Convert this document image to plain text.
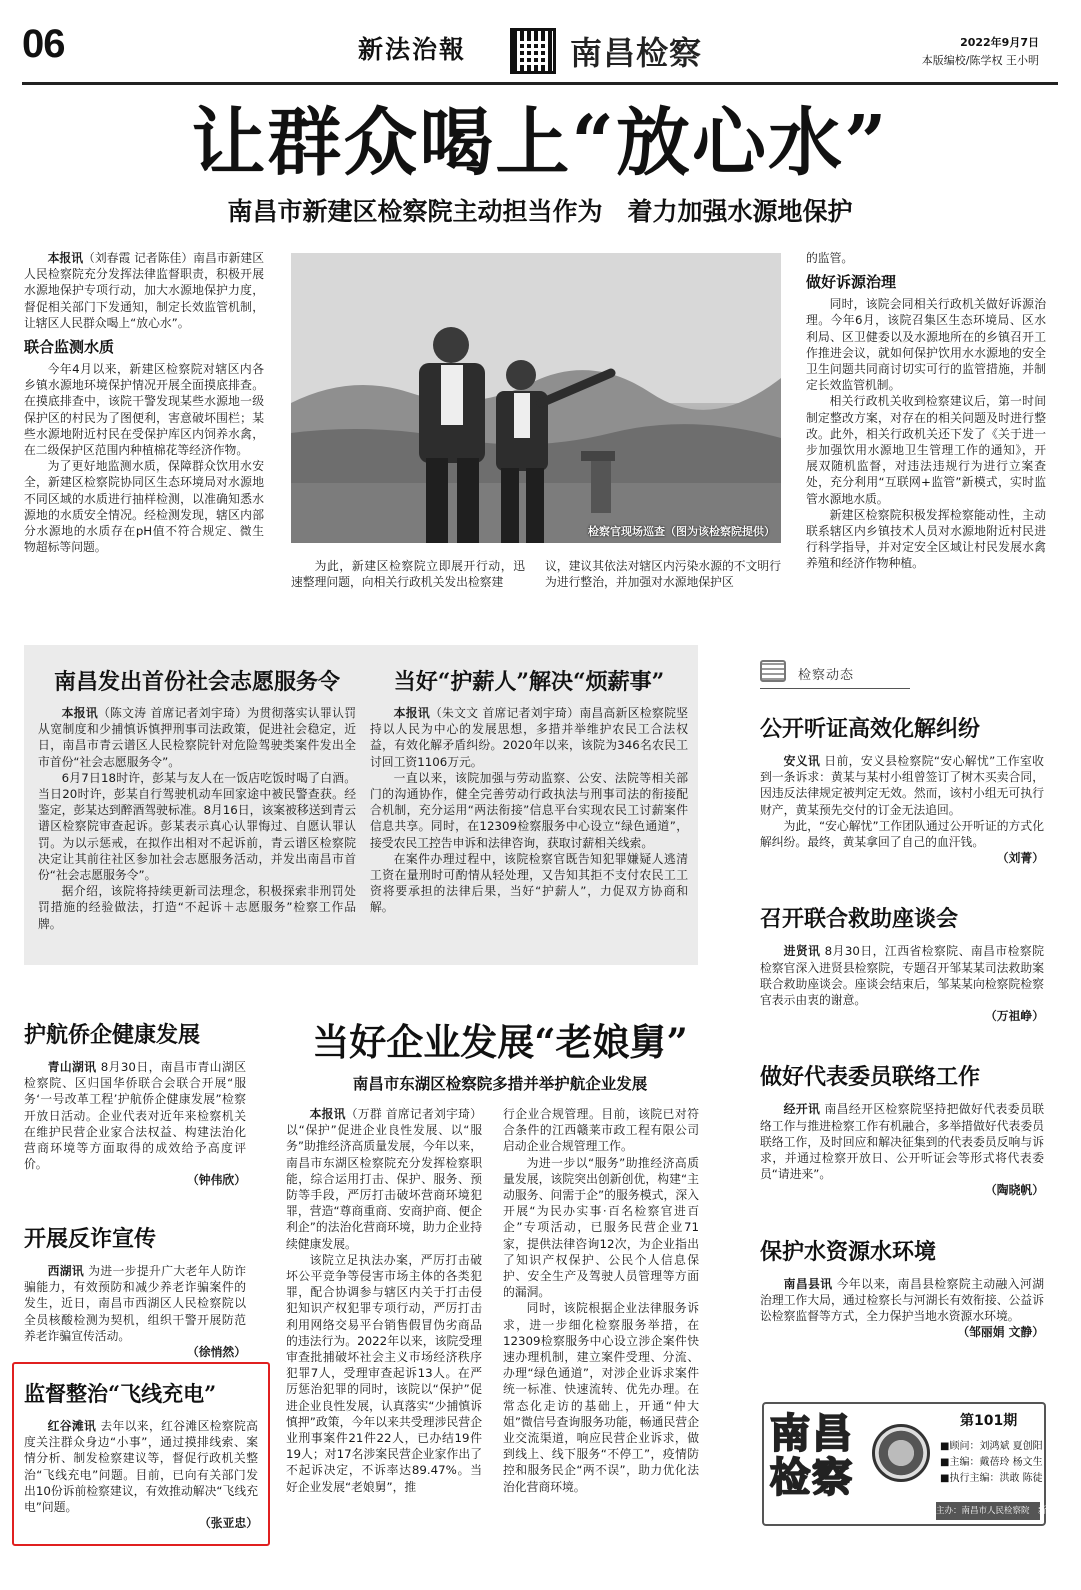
06	新法治報	南昌检察	2022年9月7日
本版编校/陈学权 王小明
让群众喝上“放心水”
南昌市新建区检察院主动担当作为　着力加强水源地保护

本报讯（刘春霞 记者陈佳）南昌市新建区人民检察院充分发挥法律监督职责，积极开展水源地保护专项行动，加大水源地保护力度，督促相关部门下发通知，制定长效监管机制，让辖区人民群众喝上“放心水”。

联合监测水质

今年4月以来，新建区检察院对辖区内各乡镇水源地环境保护情况开展全面摸底排查。在摸底排查中，该院干警发现某些水源地一级保护区的村民为了图便利，害意破坏围栏；某些水源地附近村民在受保护库区内饲养水禽，在二级保护区范围内种植棉花等经济作物。

为了更好地监测水质，保障群众饮用水安全，新建区检察院协同区生态环境局对水源地不同区域的水质进行抽样检测，以准确知悉水源地的水质安全情况。经检测发现，辖区内部分水源地的水质存在pH值不符合规定、微生物超标等问题。

检察官现场巡查（图为该检察院提供）

为此，新建区检察院立即展开行动，迅速整理问题，向相关行政机关发出检察建

议，建议其依法对辖区内污染水源的不文明行为进行整治，并加强对水源地保护区

的监管。

做好诉源治理

同时，该院会同相关行政机关做好诉源治理。今年6月，该院召集区生态环境局、区水利局、区卫健委以及水源地所在的乡镇召开工作推进会议，就如何保护饮用水水源地的安全卫生问题共同商讨切实可行的监管措施，并制定长效监管机制。

相关行政机关收到检察建议后，第一时间制定整改方案，对存在的相关问题及时进行整改。此外，相关行政机关还下发了《关于进一步加强饮用水源地卫生管理工作的通知》，开展双随机监督，对违法违规行为进行立案查处，充分利用“互联网+监管”新模式，实时监管水源地水质。

新建区检察院积极发挥检察能动性，主动联系辖区内乡镇技术人员对水源地附近村民进行科学指导，并对定安全区域让村民发展水禽养殖和经济作物种植。

南昌发出首份社会志愿服务令

本报讯（陈文涛 首席记者刘宇琦）为贯彻落实认罪认罚从宽制度和少捕慎诉慎押刑事司法政策，促进社会稳定，近日，南昌市青云谱区人民检察院针对危险驾驶类案件发出全市首份“社会志愿服务令”。

6月7日18时许，彭某与友人在一饭店吃饭时喝了白酒。当日20时许，彭某自行驾驶机动车回家途中被民警查获。经鉴定，彭某达到醉酒驾驶标准。8月16日，该案被移送到青云谱区检察院审查起诉。彭某表示真心认罪悔过、自愿认罪认罚。为以示惩戒，在拟作出相对不起诉前，青云谱区检察院决定让其前往社区参加社会志愿服务活动，并发出南昌市首份“社会志愿服务令”。

据介绍，该院将持续更新司法理念，积极探索非刑罚处罚措施的经验做法，打造“不起诉＋志愿服务”检察工作品牌。

当好“护薪人”解决“烦薪事”

本报讯（朱文文 首席记者刘宇琦）南昌高新区检察院坚持以人民为中心的发展思想，多措并举维护农民工合法权益，有效化解矛盾纠纷。2020年以来，该院为346名农民工讨回工资1106万元。

一直以来，该院加强与劳动监察、公安、法院等相关部门的沟通协作，健全完善劳动行政执法与刑事司法的衔接配合机制，充分运用“两法衔接”信息平台实现农民工讨薪案件信息共享。同时，在12309检察服务中心设立“绿色通道”，接受农民工控告申诉和法律咨询，获取讨薪相关线索。

在案件办理过程中，该院检察官既告知犯罪嫌疑人逃清工资在量刑时可酌情从轻处理，又告知其拒不支付农民工工资将要承担的法律后果，当好“护薪人”，力促双方协商和解。

检察动态
公开听证高效化解纠纷

安义讯 日前，安义县检察院“安心解忧”工作室收到一条诉求：黄某与某村小组曾签订了树木买卖合同，因违反法律规定被判定无效。然而，该村小组无可执行财产，黄某预先交付的订金无法追回。

为此，“安心解忧”工作团队通过公开听证的方式化解纠纷。最终，黄某拿回了自己的血汗钱。

（刘菁）
召开联合救助座谈会

进贤讯 8月30日，江西省检察院、南昌市检察院检察官深入进贤县检察院，专题召开邹某某司法救助案联合救助座谈会。座谈会结束后，邹某某向检察院检察官表示由衷的谢意。

（万祖峥）
做好代表委员联络工作

经开讯 南昌经开区检察院坚持把做好代表委员联络工作与推进检察工作有机融合，多举措做好代表委员联络工作，及时回应和解决征集到的代表委员反响与诉求，并通过检察开放日、公开听证会等形式将代表委员“请进来”。

（陶晓帆）
保护水资源水环境

南昌县讯 今年以来，南昌县检察院主动融入河湖治理工作大局，通过检察长与河湖长有效衔接、公益诉讼检察监督等方式，全力保护当地水资源水环境。

（邹丽娟 文静）
护航侨企健康发展

青山湖讯 8月30日，南昌市青山湖区检察院、区归国华侨联合会联合开展“服务‘一号改革工程’护航侨企健康发展”检察开放日活动。企业代表对近年来检察机关在维护民营企业家合法权益、构建法治化营商环境等方面取得的成效给予高度评价。

（钟伟欣）
开展反诈宣传

西湖讯 为进一步提升广大老年人防诈骗能力，有效预防和减少养老诈骗案件的发生，近日，南昌市西湖区人民检察院以全员核酸检测为契机，组织干警开展防范养老诈骗宣传活动。

（徐悄然）
监督整治“飞线充电”

红谷滩讯 去年以来，红谷滩区检察院高度关注群众身边“小事”，通过摸排线索、案情分析、制发检察建议等，督促行政机关整治“飞线充电”问题。目前，已向有关部门发出10份诉前检察建议，有效推动解决“飞线充电”问题。

（张亚忠）
当好企业发展“老娘舅”
南昌市东湖区检察院多措并举护航企业发展

本报讯（万群 首席记者刘宇琦）以“保护”促进企业良性发展、以“服务”助推经济高质量发展，今年以来，南昌市东湖区检察院充分发挥检察职能，综合运用打击、保护、服务、预防等手段，严厉打击破坏营商环境犯罪，营造“尊商重商、安商护商、便企利企”的法治化营商环境，助力企业持续健康发展。

该院立足执法办案，严厉打击破坏公平竞争等侵害市场主体的各类犯罪，配合协调参与辖区内关于打击侵犯知识产权犯罪专项行动，严厉打击利用网络交易平台销售假冒伪劣商品的违法行为。2022年以来，该院受理审查批捕破坏社会主义市场经济秩序犯罪7人，受理审查起诉13人。在严厉惩治犯罪的同时，该院以“保护”促进企业良性发展，认真落实“少捕慎诉慎押”政策，今年以来共受理涉民营企业刑事案件21件22人，已办结19件19人；对17名涉案民营企业家作出了不起诉决定，不诉率达89.47%。当好企业发展“老娘舅”，推

行企业合规管理。目前，该院已对符合条件的江西赣莱市政工程有限公司启动企业合规管理工作。

为进一步以“服务”助推经济高质量发展，该院突出创新创优，构建“主动服务、问需于企”的服务模式，深入开展“为民办实事·百名检察官进百企”专项活动，已服务民营企业71家，提供法律咨询12次，为企业指出了知识产权保护、公民个人信息保护、安全生产及驾驶人员管理等方面的漏洞。

同时，该院根据企业法律服务诉求，进一步细化检察服务举措，在12309检察服务中心设立涉企案件快速办理机制，建立案件受理、分流、办理“绿色通道”，对涉企业诉求案件统一标准、快速流转、优先办理。在常态化走访的基础上，开通“仲大姐”微信号查询服务功能，畅通民营企业交流渠道，响应民营企业诉求，做到线上、线下服务“不停工”，疫情防控和服务民企“两不误”，助力优化法治化营商环境。

南昌检察
第101期
■顾问：刘鸿斌 夏创阳
■主编：戴蓓玲 杨文生
■执行主编：洪敢 陈徒
主办：南昌市人民检察院　新法制报社
